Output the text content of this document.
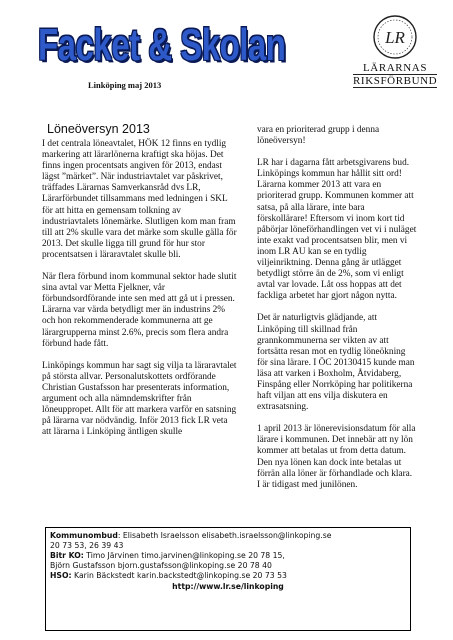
Facket & Skolan	LR
LÄRARNAS
RIKSFÖRBUND
Linköping maj 2013
Löneöversyn 2013

I det centrala löneavtalet, HÖK 12 finns en tydlig markering att lärarlönerna kraftigt ska höjas. Det finns ingen procentsats angiven för 2013, endast lägst ”märket”. När industriavtalet var påskrivet, träffades Lärarnas Samverkansråd dvs LR, Lärarförbundet tillsammans med ledningen i SKL för att hitta en gemensam tolkning av industriavtalets lönemärke. Slutligen kom man fram till att 2% skulle vara det märke som skulle gälla för 2013. Det skulle ligga till grund för hur stor procentsatsen i läraravtalet skulle bli.

När flera förbund inom kommunal sektor hade slutit sina avtal var Metta Fjelkner, vår förbundsordförande inte sen med att gå ut i pressen. Lärarna var värda betydligt mer än industrins 2% och hon rekommenderade kommunerna att ge lärargrupperna minst 2.6%, precis som flera andra förbund hade fått.

Linköpings kommun har sagt sig vilja ta läraravtalet på största allvar. Personalutskottets ordförande Christian Gustafsson har presenterats information, argument och alla nämndemskrifter från löneuppropet. Allt för att markera varför en satsning på lärarna var nödvändig. Inför 2013 fick LR veta att lärarna i Linköping äntligen skulle

vara en prioriterad grupp i denna löneöversyn!

LR har i dagarna fått arbetsgivarens bud. Linköpings kommun har hållit sitt ord! Lärarna kommer 2013 att vara en prioriterad grupp. Kommunen kommer att satsa, på alla lärare, inte bara förskollärare! Eftersom vi inom kort tid påbörjar löneförhandlingen vet vi i nuläget inte exakt vad procentsatsen blir, men vi inom LR AU kan se en tydlig viljeinriktning. Denna gång är utlägget betydligt större än de 2%, som vi enligt avtal var lovade. Låt oss hoppas att det fackliga arbetet har gjort någon nytta.

Det är naturligtvis glädjande, att Linköping till skillnad från grannkommunerna ser vikten av att fortsätta resan mot en tydlig löneökning för sina lärare. I ÖC 20130415 kunde man läsa att varken i Boxholm, Åtvidaberg, Finspång eller Norrköping har politikerna haft viljan att ens vilja diskutera en extrasatsning.

1 april 2013 är lönerevisionsdatum för alla lärare i kommunen. Det innebär att ny lön kommer att betalas ut from detta datum. Den nya lönen kan dock inte betalas ut förrän alla löner är förhandlade och klara. I är tidigast med junilönen.

Kommunombud: Elisabeth Israelsson elisabeth.israelsson@linkoping.se
20 73 53, 26 39 43
Bitr KO: Timo Järvinen timo.jarvinen@linkoping.se 20 78 15,
Björn Gustafsson bjorn.gustafsson@linkoping.se 20 78 40
HSO: Karin Bäckstedt karin.backstedt@linkoping.se 20 73 53
http://www.lr.se/linkoping
